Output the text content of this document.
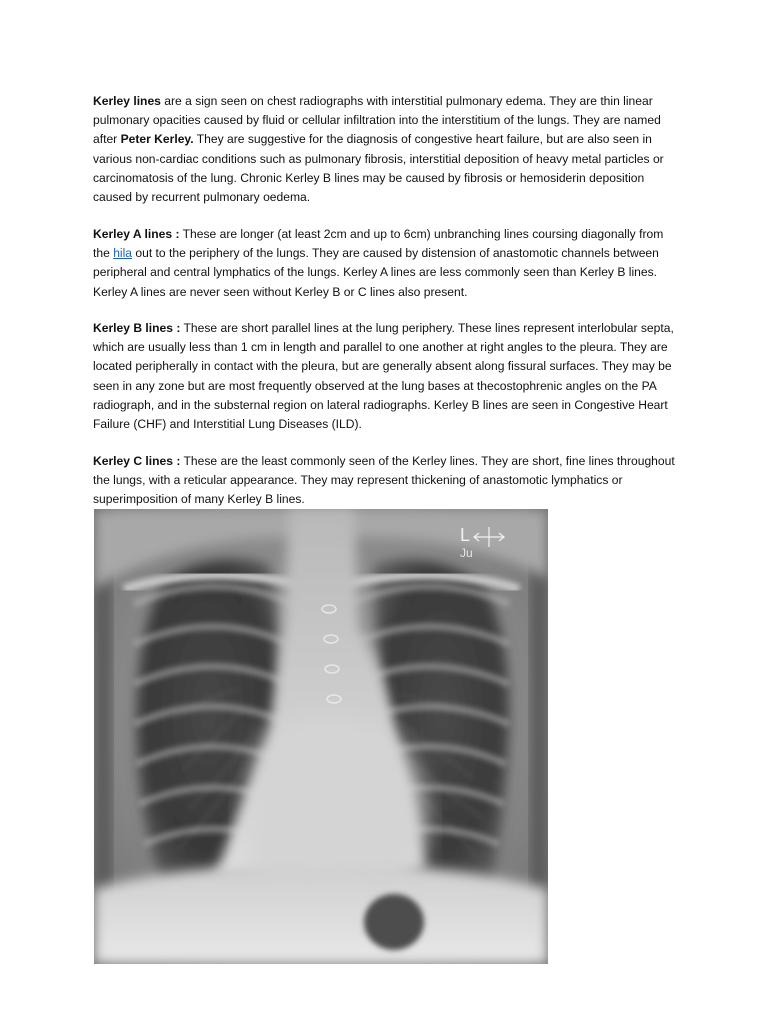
Kerley lines are a sign seen on chest radiographs with interstitial pulmonary edema. They are thin linear pulmonary opacities caused by fluid or cellular infiltration into the interstitium of the lungs. They are named after Peter Kerley. They are suggestive for the diagnosis of congestive heart failure, but are also seen in various non-cardiac conditions such as pulmonary fibrosis, interstitial deposition of heavy metal particles or carcinomatosis of the lung. Chronic Kerley B lines may be caused by fibrosis or hemosiderin deposition caused by recurrent pulmonary oedema.

Kerley A lines : These are longer (at least 2cm and up to 6cm) unbranching lines coursing diagonally from the hila out to the periphery of the lungs. They are caused by distension of anastomotic channels between peripheral and central lymphatics of the lungs. Kerley A lines are less commonly seen than Kerley B lines. Kerley A lines are never seen without Kerley B or C lines also present.

Kerley B lines : These are short parallel lines at the lung periphery. These lines represent interlobular septa, which are usually less than 1 cm in length and parallel to one another at right angles to the pleura. They are located peripherally in contact with the pleura, but are generally absent along fissural surfaces. They may be seen in any zone but are most frequently observed at the lung bases at thecostophrenic angles on the PA radiograph, and in the substernal region on lateral radiographs. Kerley B lines are seen in Congestive Heart Failure (CHF) and Interstitial Lung Diseases (ILD).

Kerley C lines : These are the least commonly seen of the Kerley lines. They are short, fine lines throughout the lungs, with a reticular appearance. They may represent thickening of anastomotic lymphatics or superimposition of many Kerley B lines.

L
Ju
